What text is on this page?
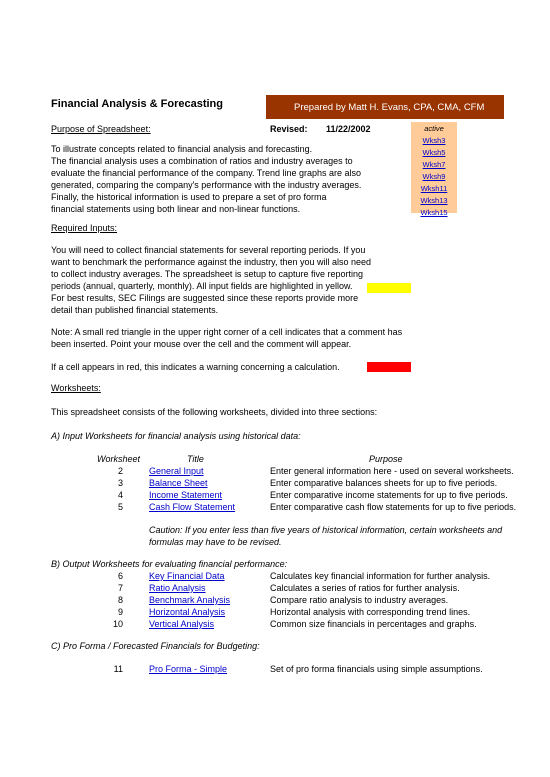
Financial Analysis & Forecasting	Prepared by Matt H. Evans, CPA, CMA, CFM
Purpose of Spreadsheet:	Revised: 11/22/2002	active
Wksh3
Wksh5
Wksh7
Wksh9
Wksh11
Wksh13
Wksh15
To illustrate concepts related to financial analysis and forecasting.
The financial analysis uses a combination of ratios and industry averages to
evaluate the financial performance of the company. Trend line graphs are also
generated, comparing the company's performance with the industry averages.
Finally, the historical information is used to prepare a set of pro forma
financial statements using both linear and non-linear functions.
Required Inputs:
You will need to collect financial statements for several reporting periods. If you
want to benchmark the performance against the industry, then you will also need
to collect industry averages. The spreadsheet is setup to capture five reporting
periods (annual, quarterly, monthly). All input fields are highlighted in yellow.
For best results, SEC Filings are suggested since these reports provide more
detail than published financial statements.
Note: A small red triangle in the upper right corner of a cell indicates that a comment has
been inserted. Point your mouse over the cell and the comment will appear.
If a cell appears in red, this indicates a warning concerning a calculation.
Worksheets:
This spreadsheet consists of the following worksheets, divided into three sections:
A) Input Worksheets for financial analysis using historical data:
Worksheet	Title	Purpose
2	General Input	Enter general information here - used on several worksheets.
3	Balance Sheet	Enter comparative balances sheets for up to five periods.
4	Income Statement	Enter comparative income statements for up to five periods.
5	Cash Flow Statement	Enter comparative cash flow statements for up to five periods.
Caution: If you enter less than five years of historical information, certain worksheets and
formulas may have to be revised.
B) Output Worksheets for evaluating financial performance:
6	Key Financial Data	Calculates key financial information for further analysis.
7	Ratio Analysis	Calculates a series of ratios for further analysis.
8	Benchmark Analysis	Compare ratio analysis to industry averages.
9	Horizontal Analysis	Horizontal analysis with corresponding trend lines.
10	Vertical Analysis	Common size financials in percentages and graphs.
C) Pro Forma / Forecasted Financials for Budgeting:
11	Pro Forma - Simple	Set of pro forma financials using simple assumptions.
